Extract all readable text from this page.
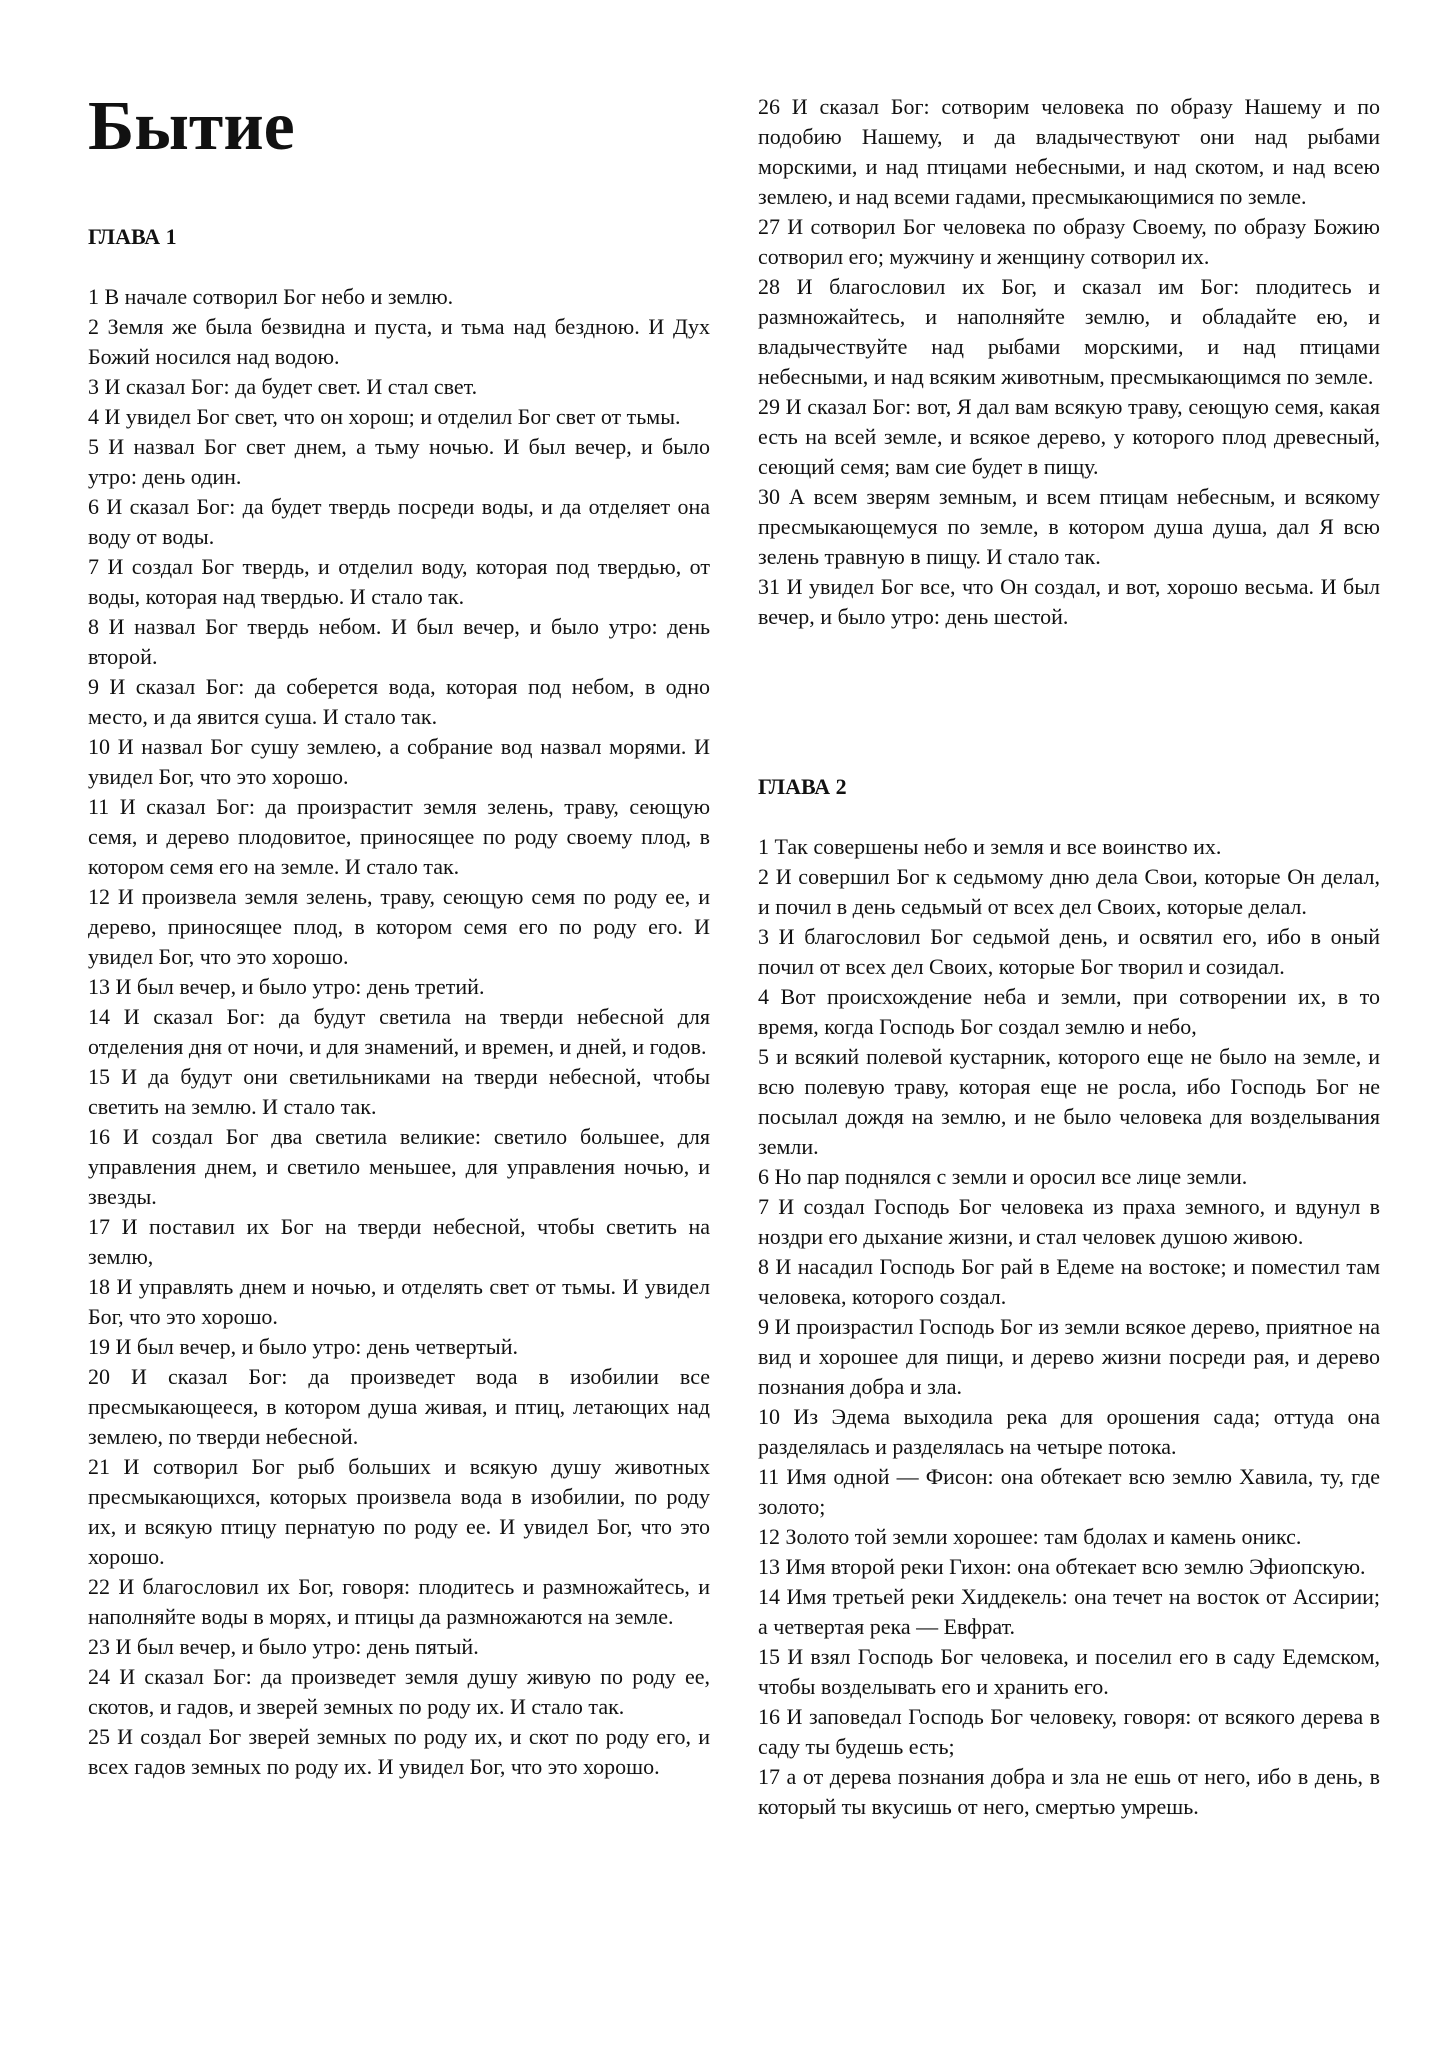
Бытие
ГЛАВА 1

1 В начале сотворил Бог небо и землю.

2 Земля же была безвидна и пуста, и тьма над бездною. И Дух Божий носился над водою.

3 И сказал Бог: да будет свет. И стал свет.

4 И увидел Бог свет, что он хорош; и отделил Бог свет от тьмы.

5 И назвал Бог свет днем, а тьму ночью. И был вечер, и было утро: день один.

6 И сказал Бог: да будет твердь посреди воды, и да отделяет она воду от воды.

7 И создал Бог твердь, и отделил воду, которая под твердью, от воды, которая над твердью. И стало так.

8 И назвал Бог твердь небом. И был вечер, и было утро: день второй.

9 И сказал Бог: да соберется вода, которая под небом, в одно место, и да явится суша. И стало так.

10 И назвал Бог сушу землею, а собрание вод назвал морями. И увидел Бог, что это хорошо.

11 И сказал Бог: да произрастит земля зелень, траву, сеющую семя, и дерево плодовитое, приносящее по роду своему плод, в котором семя его на земле. И стало так.

12 И произвела земля зелень, траву, сеющую семя по роду ее, и дерево, приносящее плод, в котором семя его по роду его. И увидел Бог, что это хорошо.

13 И был вечер, и было утро: день третий.

14 И сказал Бог: да будут светила на тверди небесной для отделения дня от ночи, и для знамений, и времен, и дней, и годов.

15 И да будут они светильниками на тверди небесной, чтобы светить на землю. И стало так.

16 И создал Бог два светила великие: светило большее, для управления днем, и светило меньшее, для управления ночью, и звезды.

17 И поставил их Бог на тверди небесной, чтобы светить на землю,

18 И управлять днем и ночью, и отделять свет от тьмы. И увидел Бог, что это хорошо.

19 И был вечер, и было утро: день четвертый.

20 И сказал Бог: да произведет вода в изобилии все пресмыкающееся, в котором душа живая, и птиц, летающих над землею, по тверди небесной.

21 И сотворил Бог рыб больших и всякую душу животных пресмыкающихся, которых произвела вода в изобилии, по роду их, и всякую птицу пернатую по роду ее. И увидел Бог, что это хорошо.

22 И благословил их Бог, говоря: плодитесь и размножайтесь, и наполняйте воды в морях, и птицы да размножаются на земле.

23 И был вечер, и было утро: день пятый.

24 И сказал Бог: да произведет земля душу живую по роду ее, скотов, и гадов, и зверей земных по роду их. И стало так.

25 И создал Бог зверей земных по роду их, и скот по роду его, и всех гадов земных по роду их. И увидел Бог, что это хорошо.

26 И сказал Бог: сотворим человека по образу Нашему и по подобию Нашему, и да владычествуют они над рыбами морскими, и над птицами небесными, и над скотом, и над всею землею, и над всеми гадами, пресмыкающимися по земле.

27 И сотворил Бог человека по образу Своему, по образу Божию сотворил его; мужчину и женщину сотворил их.

28 И благословил их Бог, и сказал им Бог: плодитесь и размножайтесь, и наполняйте землю, и обладайте ею, и владычествуйте над рыбами морскими, и над птицами небесными, и над всяким животным, пресмыкающимся по земле.

29 И сказал Бог: вот, Я дал вам всякую траву, сеющую семя, какая есть на всей земле, и всякое дерево, у которого плод древесный, сеющий семя; вам сие будет в пищу.

30 А всем зверям земным, и всем птицам небесным, и всякому пресмыкающемуся по земле, в котором душа душа, дал Я всю зелень травную в пищу. И стало так.

31 И увидел Бог все, что Он создал, и вот, хорошо весьма. И был вечер, и было утро: день шестой.

ГЛАВА 2

1 Так совершены небо и земля и все воинство их.

2 И совершил Бог к седьмому дню дела Свои, которые Он делал, и почил в день седьмый от всех дел Своих, которые делал.

3 И благословил Бог седьмой день, и освятил его, ибо в оный почил от всех дел Своих, которые Бог творил и созидал.

4 Вот происхождение неба и земли, при сотворении их, в то время, когда Господь Бог создал землю и небо,

5 и всякий полевой кустарник, которого еще не было на земле, и всю полевую траву, которая еще не росла, ибо Господь Бог не посылал дождя на землю, и не было человека для возделывания земли.

6 Но пар поднялся с земли и оросил все лице земли.

7 И создал Господь Бог человека из праха земного, и вдунул в ноздри его дыхание жизни, и стал человек душою живою.

8 И насадил Господь Бог рай в Едеме на востоке; и поместил там человека, которого создал.

9 И произрастил Господь Бог из земли всякое дерево, приятное на вид и хорошее для пищи, и дерево жизни посреди рая, и дерево познания добра и зла.

10 Из Эдема выходила река для орошения сада; оттуда она разделялась и разделялась на четыре потока.

11 Имя одной — Фисон: она обтекает всю землю Хавила, ту, где золото;

12 Золото той земли хорошее: там бдолах и камень оникс.

13 Имя второй реки Гихон: она обтекает всю землю Эфиопскую.

14 Имя третьей реки Хиддекель: она течет на восток от Ассирии; а четвертая река — Евфрат.

15 И взял Господь Бог человека, и поселил его в саду Едемском, чтобы возделывать его и хранить его.

16 И заповедал Господь Бог человеку, говоря: от всякого дерева в саду ты будешь есть;

17 а от дерева познания добра и зла не ешь от него, ибо в день, в который ты вкусишь от него, смертью умрешь.
